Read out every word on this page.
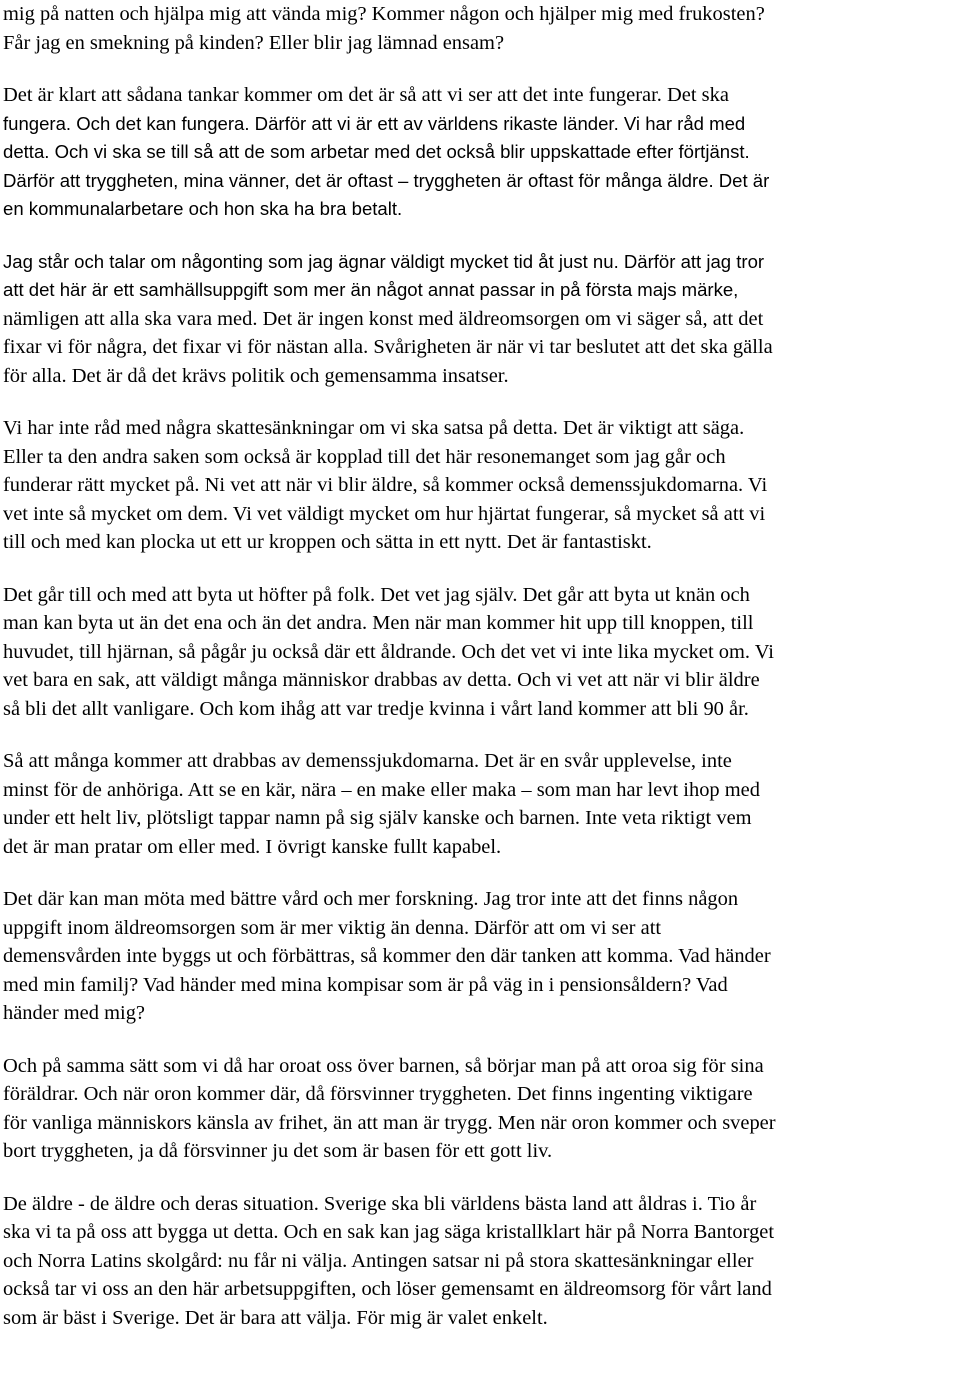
mig på natten och hjälpa mig att vända mig? Kommer någon och hjälper mig med frukosten?
Får jag en smekning på kinden? Eller blir jag lämnad ensam?
Det är klart att sådana tankar kommer om det är så att vi ser att det inte fungerar. Det ska
fungera. Och det kan fungera. Därför att vi är ett av världens rikaste länder. Vi har råd med
detta. Och vi ska se till så att de som arbetar med det också blir uppskattade efter förtjänst.
Därför att tryggheten, mina vänner, det är oftast – tryggheten är oftast för många äldre. Det är
en kommunalarbetare och hon ska ha bra betalt.
Jag står och talar om någonting som jag ägnar väldigt mycket tid åt just nu. Därför att jag tror
att det här är ett samhällsuppgift som mer än något annat passar in på första majs märke,
nämligen att alla ska vara med. Det är ingen konst med äldreomsorgen om vi säger så, att det
fixar vi för några, det fixar vi för nästan alla. Svårigheten är när vi tar beslutet att det ska gälla
för alla. Det är då det krävs politik och gemensamma insatser.
Vi har inte råd med några skattesänkningar om vi ska satsa på detta. Det är viktigt att säga.
Eller ta den andra saken som också är kopplad till det här resonemanget som jag går och
funderar rätt mycket på. Ni vet att när vi blir äldre, så kommer också demenssjukdomarna. Vi
vet inte så mycket om dem. Vi vet väldigt mycket om hur hjärtat fungerar, så mycket så att vi
till och med kan plocka ut ett ur kroppen och sätta in ett nytt. Det är fantastiskt.
Det går till och med att byta ut höfter på folk. Det vet jag själv. Det går att byta ut knän och
man kan byta ut än det ena och än det andra. Men när man kommer hit upp till knoppen, till
huvudet, till hjärnan, så pågår ju också där ett åldrande. Och det vet vi inte lika mycket om. Vi
vet bara en sak, att väldigt många människor drabbas av detta. Och vi vet att när vi blir äldre
så bli det allt vanligare. Och kom ihåg att var tredje kvinna i vårt land kommer att bli 90 år.
Så att många kommer att drabbas av demenssjukdomarna. Det är en svår upplevelse, inte
minst för de anhöriga. Att se en kär, nära – en make eller maka – som man har levt ihop med
under ett helt liv, plötsligt tappar namn på sig själv kanske och barnen. Inte veta riktigt vem
det är man pratar om eller med. I övrigt kanske fullt kapabel.
Det där kan man möta med bättre vård och mer forskning. Jag tror inte att det finns någon
uppgift inom äldreomsorgen som är mer viktig än denna. Därför att om vi ser att
demensvården inte byggs ut och förbättras, så kommer den där tanken att komma. Vad händer
med min familj? Vad händer med mina kompisar som är på väg in i pensionsåldern? Vad
händer med mig?
Och på samma sätt som vi då har oroat oss över barnen, så börjar man på att oroa sig för sina
föräldrar. Och när oron kommer där, då försvinner tryggheten. Det finns ingenting viktigare
för vanliga människors känsla av frihet, än att man är trygg. Men när oron kommer och sveper
bort tryggheten, ja då försvinner ju det som är basen för ett gott liv.
De äldre - de äldre och deras situation. Sverige ska bli världens bästa land att åldras i. Tio år
ska vi ta på oss att bygga ut detta. Och en sak kan jag säga kristallklart här på Norra Bantorget
och Norra Latins skolgård: nu får ni välja. Antingen satsar ni på stora skattesänkningar eller
också tar vi oss an den här arbetsuppgiften, och löser gemensamt en äldreomsorg för vårt land
som är bäst i Sverige. Det är bara att välja. För mig är valet enkelt.
